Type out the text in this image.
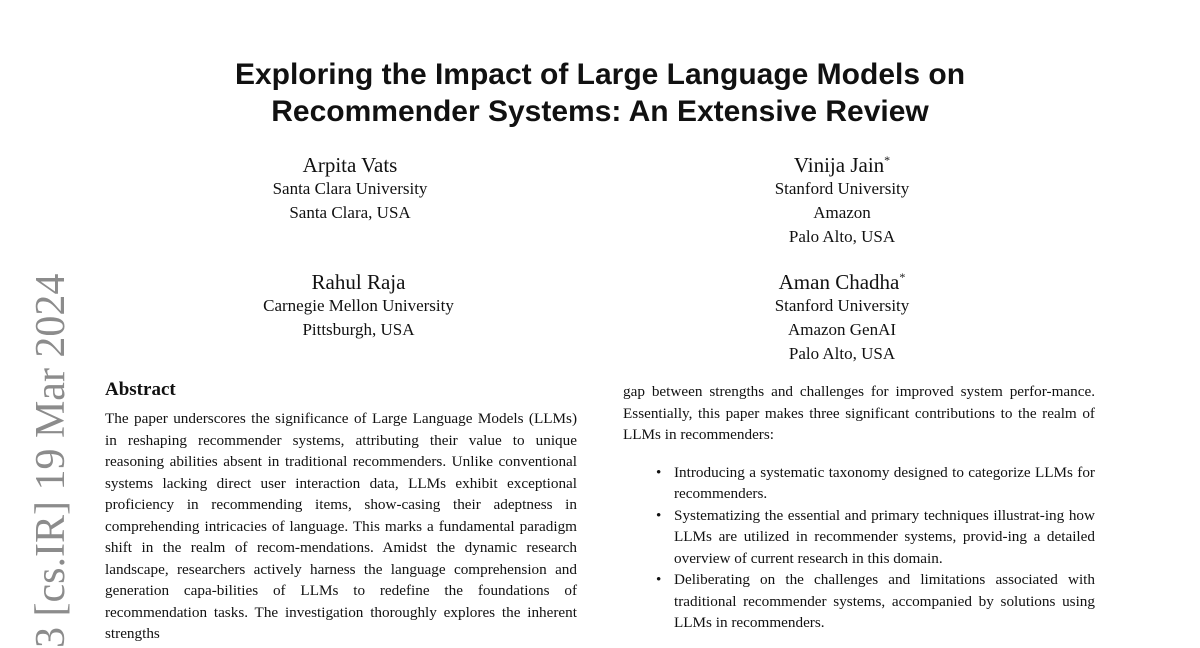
3 [cs.IR] 19 Mar 2024
Exploring the Impact of Large Language Models on
Recommender Systems: An Extensive Review
Arpita Vats
Santa Clara University
Santa Clara, USA
Vinija Jain*
Stanford University
Amazon
Palo Alto, USA
Rahul Raja
Carnegie Mellon University
Pittsburgh, USA
Aman Chadha*
Stanford University
Amazon GenAI
Palo Alto, USA
Abstract

The paper underscores the significance of Large Language Models (LLMs) in reshaping recommender systems, attributing their value to unique reasoning abilities absent in traditional recommenders. Unlike conventional systems lacking direct user interaction data, LLMs exhibit exceptional proficiency in recommending items, show-casing their adeptness in comprehending intricacies of language. This marks a fundamental paradigm shift in the realm of recom-mendations. Amidst the dynamic research landscape, researchers actively harness the language comprehension and generation capa-bilities of LLMs to redefine the foundations of recommendation tasks. The investigation thoroughly explores the inherent strengths

gap between strengths and challenges for improved system perfor-mance. Essentially, this paper makes three significant contributions to the realm of LLMs in recommenders:

• Introducing a systematic taxonomy designed to categorize LLMs for recommenders.
• Systematizing the essential and primary techniques illustrat-ing how LLMs are utilized in recommender systems, provid-ing a detailed overview of current research in this domain.
• Deliberating on the challenges and limitations associated with traditional recommender systems, accompanied by solutions using LLMs in recommenders.
